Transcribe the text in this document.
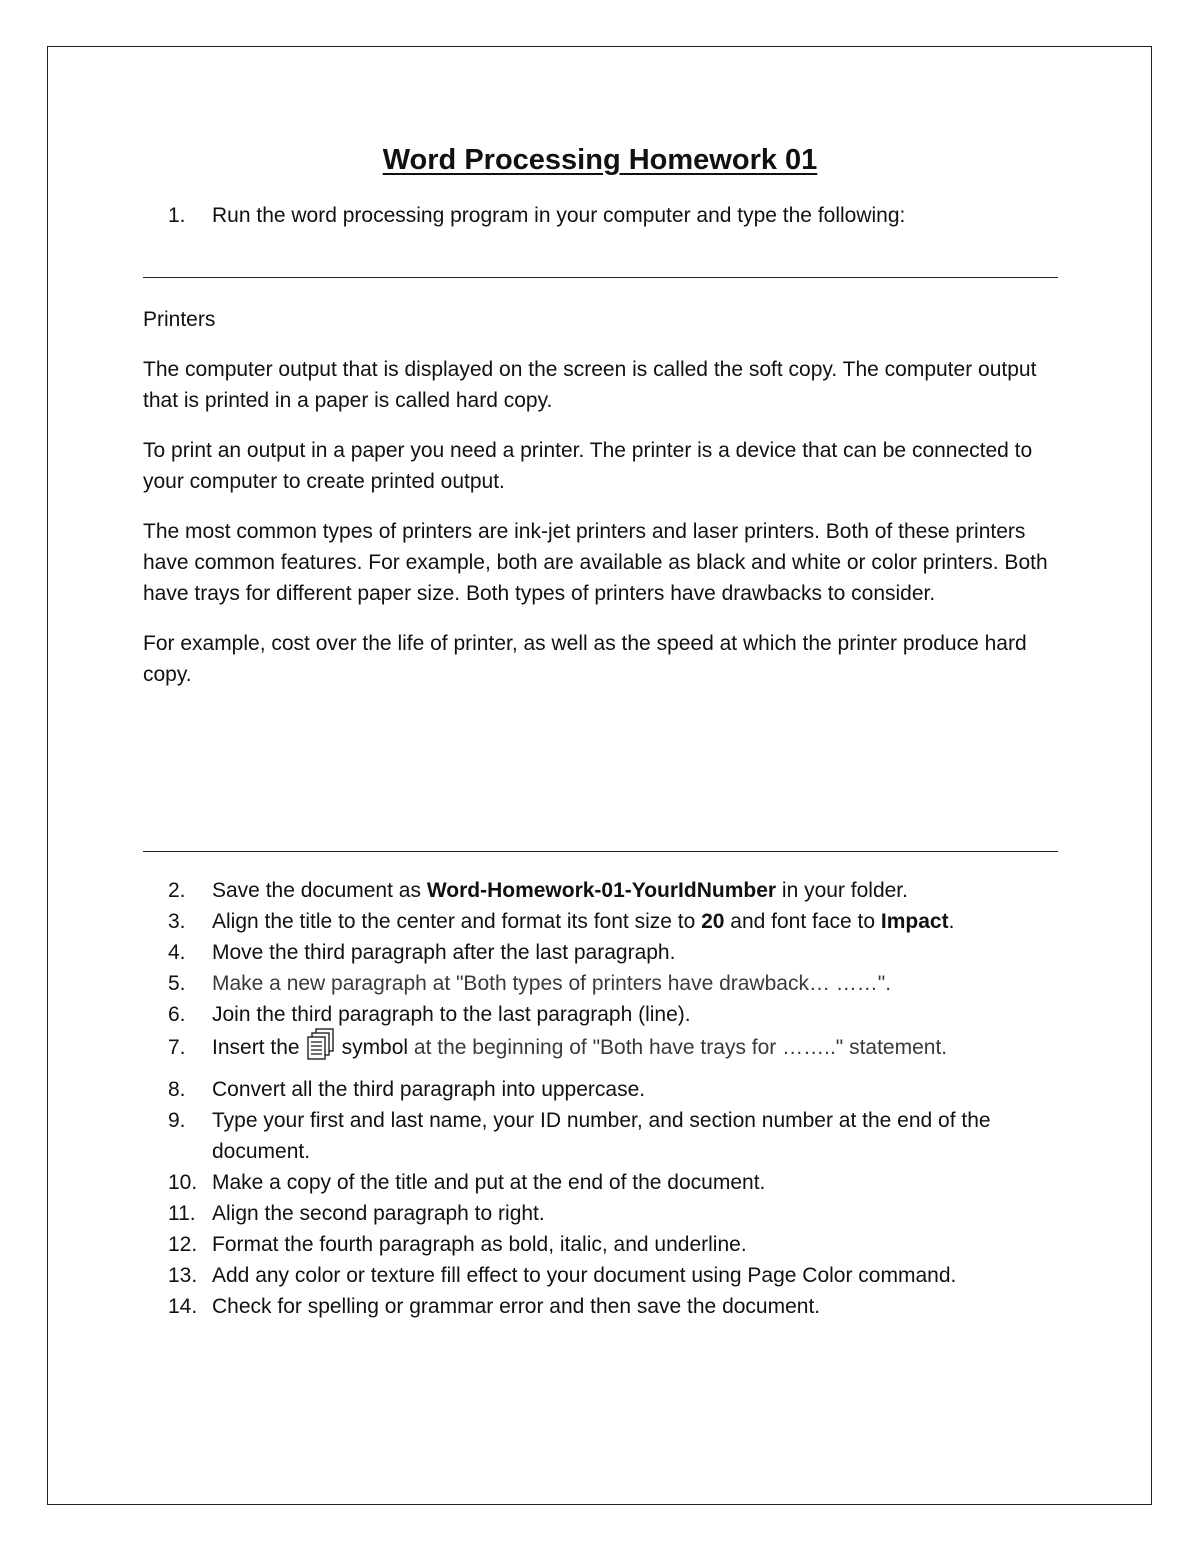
Word Processing Homework 01
1.	Run the word processing program in your computer and type the following:

Printers

The computer output that is displayed on the screen is called the soft copy. The computer output that is printed in a paper is called hard copy.

To print an output in a paper you need a printer. The printer is a device that can be connected to your computer to create printed output.

The most common types of printers are ink-jet printers and laser printers. Both of these printers have common features. For example, both are available as black and white or color printers. Both have trays for different paper size. Both types of printers have drawbacks to consider.

For example, cost over the life of printer, as well as the speed at which the printer produce hard copy.

2.	Save the document as Word-Homework-01-YourIdNumber in your folder.
3.	Align the title to the center and format its font size to 20 and font face to Impact.
4.	Move the third paragraph after the last paragraph.
5.	Make a new paragraph at "Both types of printers have drawback… ……".
6.	Join the third paragraph to the last paragraph (line).
7.	Insert the symbol at the beginning of "Both have trays for …….." statement.
8.	Convert all the third paragraph into uppercase.
9.	Type your first and last name, your ID number, and section number at the end of the document.
10. Make a copy of the title and put at the end of the document.
11. Align the second paragraph to right.
12. Format the fourth paragraph as bold, italic, and underline.
13. Add any color or texture fill effect to your document using Page Color command.
14. Check for spelling or grammar error and then save the document.
